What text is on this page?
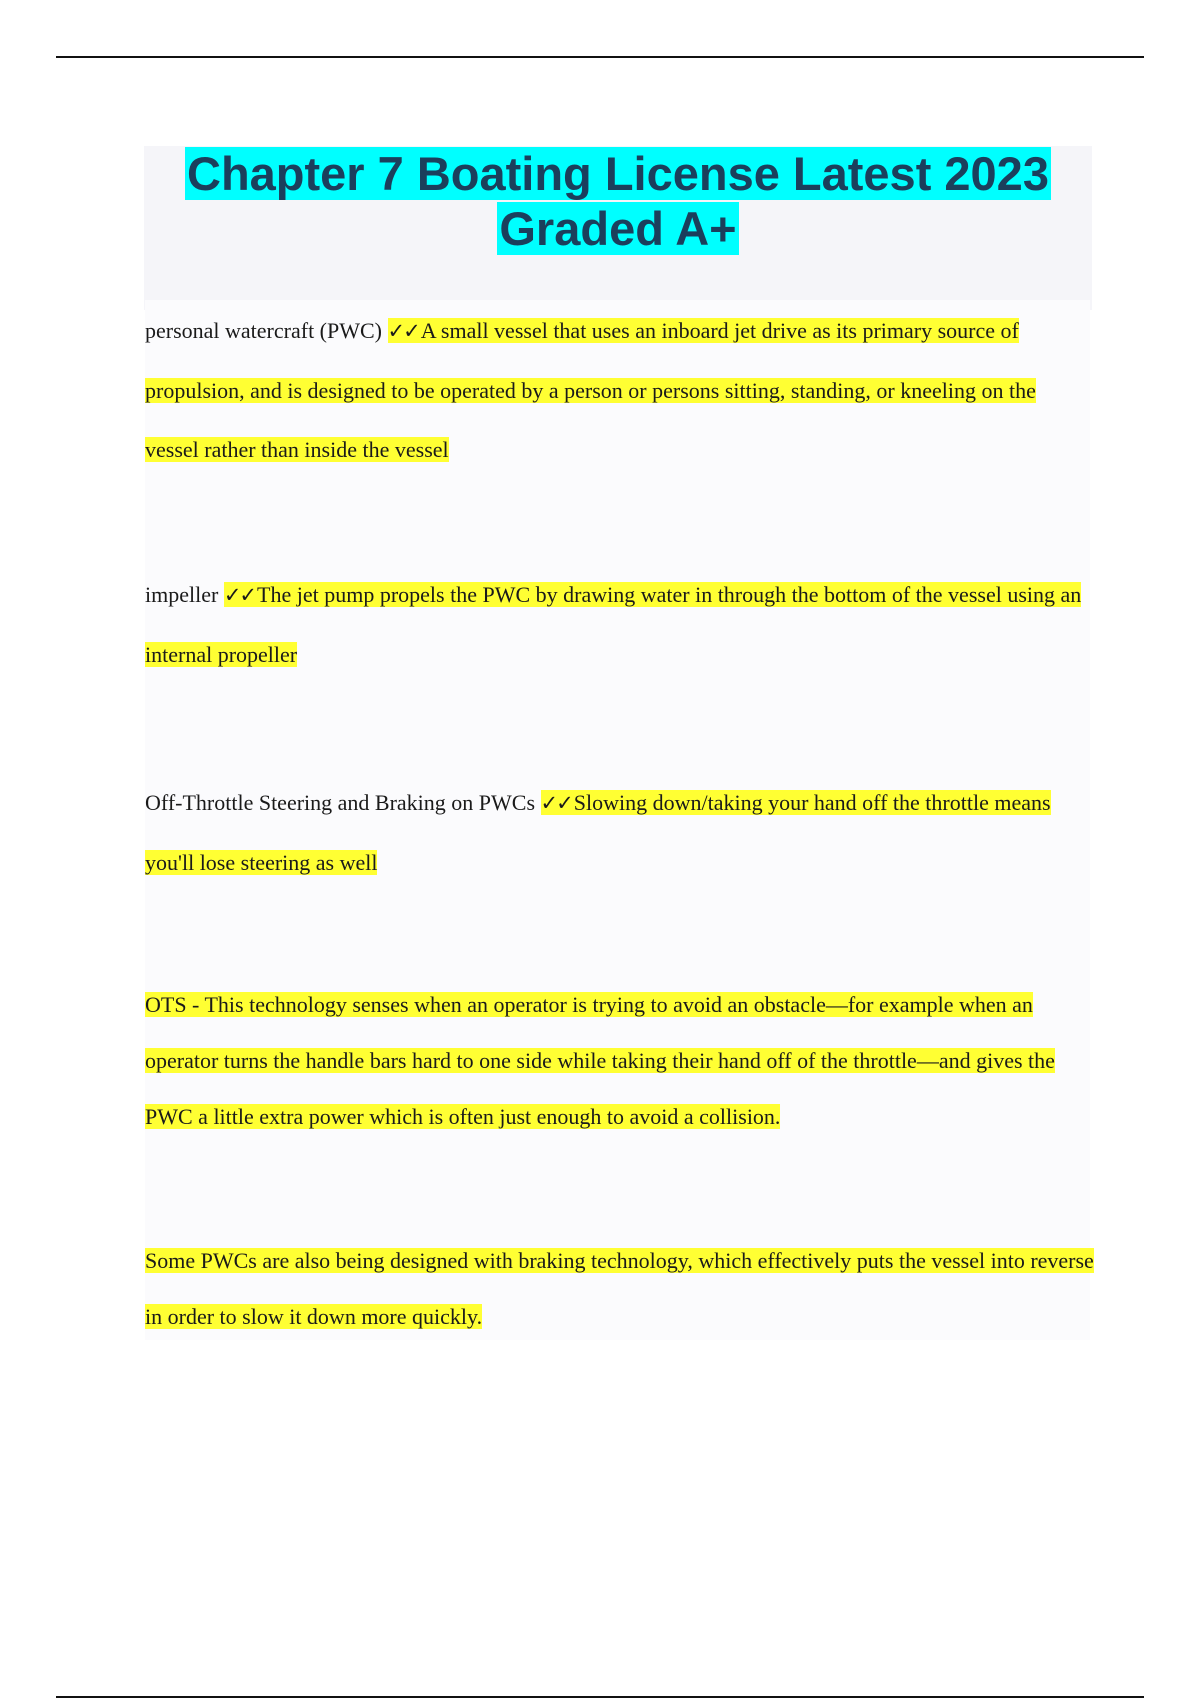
Chapter 7 Boating License Latest 2023 Graded A+

personal watercraft (PWC) ✓✓A small vessel that uses an inboard jet drive as its primary source of propulsion, and is designed to be operated by a person or persons sitting, standing, or kneeling on the vessel rather than inside the vessel

impeller ✓✓The jet pump propels the PWC by drawing water in through the bottom of the vessel using an internal propeller

Off-Throttle Steering and Braking on PWCs ✓✓Slowing down/taking your hand off the throttle means you'll lose steering as well

OTS - This technology senses when an operator is trying to avoid an obstacle—for example when an operator turns the handle bars hard to one side while taking their hand off of the throttle—and gives the PWC a little extra power which is often just enough to avoid a collision.

Some PWCs are also being designed with braking technology, which effectively puts the vessel into reverse in order to slow it down more quickly.
